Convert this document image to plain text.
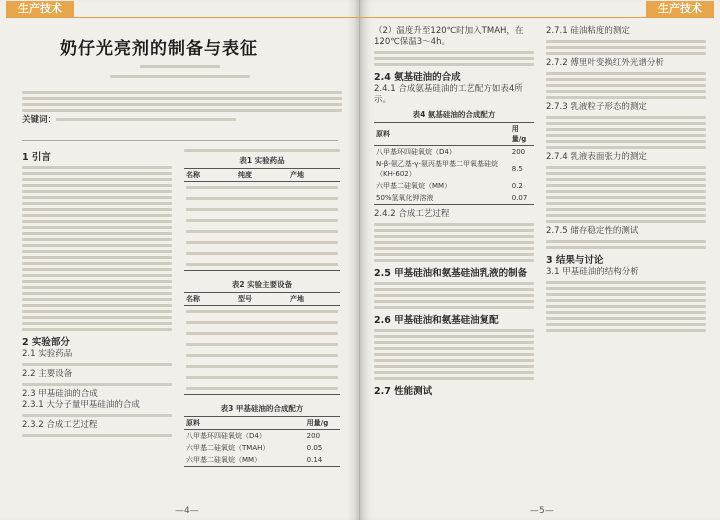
生产技术
奶仔光亮剂的制备与表征
关键词：
1 引言
2 实验部分
2.1 实验药品
2.2 主要设备
2.3 甲基硅油的合成
2.3.1 大分子量甲基硅油的合成
2.3.2 合成工艺过程
表1 实验药品
名称	纯度	产地

表2 实验主要设备
名称	型号	产地

表3 甲基硅油的合成配方
原料	用量/g
八甲基环四硅氧烷（D4）	200
六甲基二硅氧烷（TMAH）	0.05
六甲基二硅氧烷（MM）	0.14
—4—
生产技术
（2）温度升至120℃时加入TMAH，在120℃保温3～4h。
2.4 氨基硅油的合成
2.4.1 合成氨基硅油的工艺配方如表4所示。
表4 氨基硅油的合成配方
原料	用量/g
八甲基环四硅氧烷（D4）	200
N-β-氨乙基-γ-氨丙基甲基二甲氧基硅烷（KH-602）	8.5
六甲基二硅氧烷（MM）	0.2
50%氢氧化钾溶液	0.07
2.4.2 合成工艺过程
2.5 甲基硅油和氨基硅油乳液的制备
2.6 甲基硅油和氨基硅油复配
2.7 性能测试
2.7.1 硅油粘度的测定
2.7.2 傅里叶变换红外光谱分析
2.7.3 乳液粒子形态的测定
2.7.4 乳液表面张力的测定
2.7.5 储存稳定性的测试
3 结果与讨论
3.1 甲基硅油的结构分析
—5—
